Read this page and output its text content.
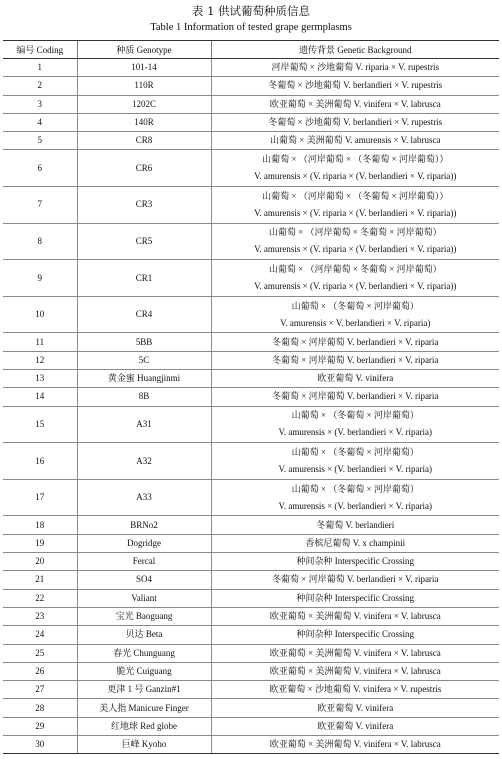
表 1 供试葡萄种质信息
Table 1 Information of tested grape germplasms
编号 Coding	种质 Genotype	遗传背景 Genetic Background
1	101-14	河岸葡萄 × 沙地葡萄 V. riparia × V. rupestris

2	110R	冬葡萄 × 沙地葡萄 V. berlandieri × V. rupestris

3	1202C	欧亚葡萄 × 美洲葡萄 V. vinifera × V. labrusca

4	140R	冬葡萄 × 沙地葡萄 V. berlandieri × V. rupestris

5	CR8	山葡萄 × 美洲葡萄 V. amurensis × V. labrusca

6	CR6	山葡萄 × （河岸葡萄 × （冬葡萄 × 河岸葡萄））
V. amurensis × (V. riparia × (V. berlandieri × V. riparia))

7	CR3	山葡萄 × （河岸葡萄 × （冬葡萄 × 河岸葡萄））
V. amurensis × (V. riparia × (V. berlandieri × V. riparia))

8	CR5	山葡萄 × （河岸葡萄 × 冬葡萄 × 河岸葡萄）
V. amurensis × (V. riparia × (V. berlandieri × V. riparia))

9	CR1	山葡萄 × （河岸葡萄 × 冬葡萄 × 河岸葡萄）
V. amurensis × (V. riparia × (V. berlandieri × V. riparia))

10	CR4	山葡萄 × （冬葡萄 × 河岸葡萄）
V. amurensis × V. berlandieri × V. riparia)

11	5BB	冬葡萄 × 河岸葡萄 V. berlandieri × V. riparia

12	5C	冬葡萄 × 河岸葡萄 V. berlandieri × V. riparia

13	黄金蜜 Huangjinmi	欧亚葡萄 V. vinifera

14	8B	冬葡萄 × 河岸葡萄 V. berlandieri × V. riparia

15	A31	山葡萄 × （冬葡萄 × 河岸葡萄）
V. amurensis × (V. berlandieri × V. riparia)

16	A32	山葡萄 × （冬葡萄 × 河岸葡萄）
V. amurensis × (V. berlandieri × V. riparia)

17	A33	山葡萄 × （冬葡萄 × 河岸葡萄）
V. amurensis × (V. berlandieri × V. riparia)

18	BRNo2	冬葡萄 V. berlandieri

19	Dogridge	香槟尼葡萄 V. x champinii

20	Fercal	种间杂种 Interspecific Crossing

21	SO4	冬葡萄 × 河岸葡萄 V. berlandieri × V. riparia

22	Valiant	种间杂种 Interspecific Crossing

23	宝光 Baoguang	欧亚葡萄 × 美洲葡萄 V. vinifera × V. labrusca

24	贝达 Beta	种间杂种 Interspecific Crossing

25	春光 Chunguang	欧亚葡萄 × 美洲葡萄 V. vinifera × V. labrusca

26	脆光 Cuiguang	欧亚葡萄 × 美洲葡萄 V. vinifera × V. labrusca

27	更津 1 号 Ganzin#1	欧亚葡萄 × 沙地葡萄 V. vinifera × V. rupestris

28	美人指 Manicure Finger	欧亚葡萄 V. vinifera

29	红地球 Red globe	欧亚葡萄 V. vinifera

30	巨峰 Kyoho	欧亚葡萄 × 美洲葡萄 V. vinifera × V. labrusca
